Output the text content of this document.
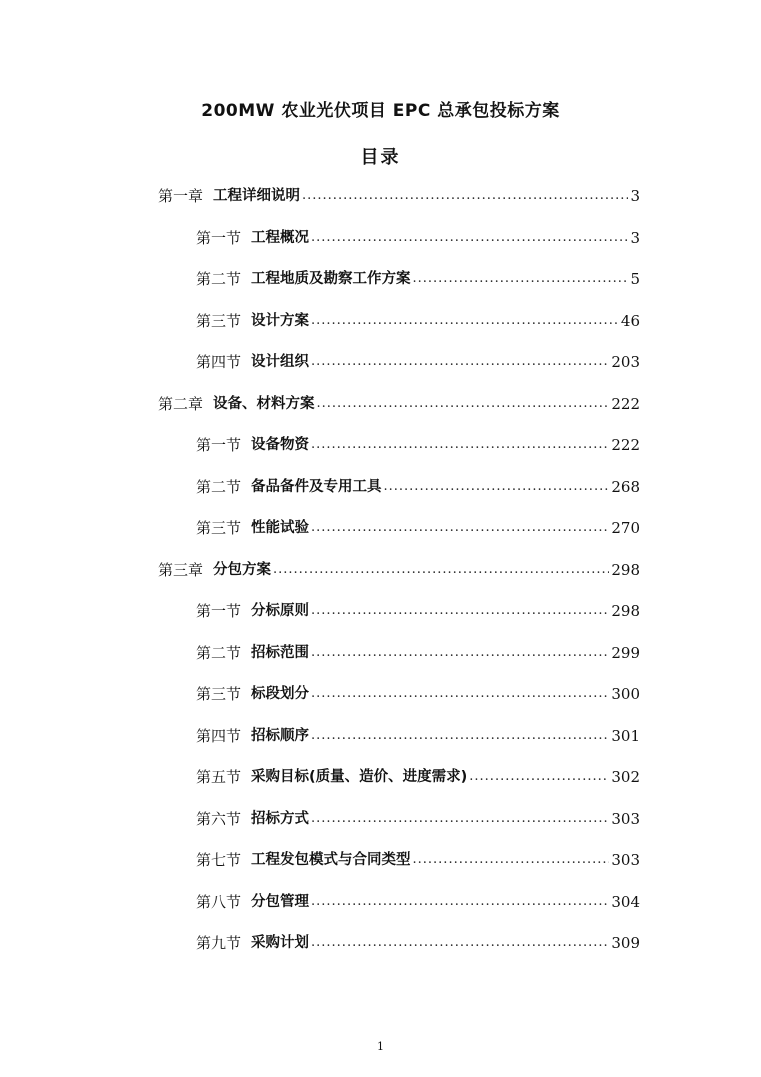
200MW 农业光伏项目 EPC 总承包投标方案
目录
第一章 工程详细说明 .....	3
第一节 工程概况 .....	3
第二节 工程地质及勘察工作方案 .....	5
第三节 设计方案 .....	46
第四节 设计组织 .....	203
第二章 设备、材料方案 .....	222
第一节 设备物资 .....	222
第二节 备品备件及专用工具 .....	268
第三节 性能试验 .....	270
第三章 分包方案 .....	298
第一节 分标原则 .....	298
第二节 招标范围 .....	299
第三节 标段划分 .....	300
第四节 招标顺序 .....	301
第五节 采购目标(质量、造价、进度需求) .....	302
第六节 招标方式 .....	303
第七节 工程发包模式与合同类型 .....	303
第八节 分包管理 .....	304
第九节 采购计划 .....	309
1
